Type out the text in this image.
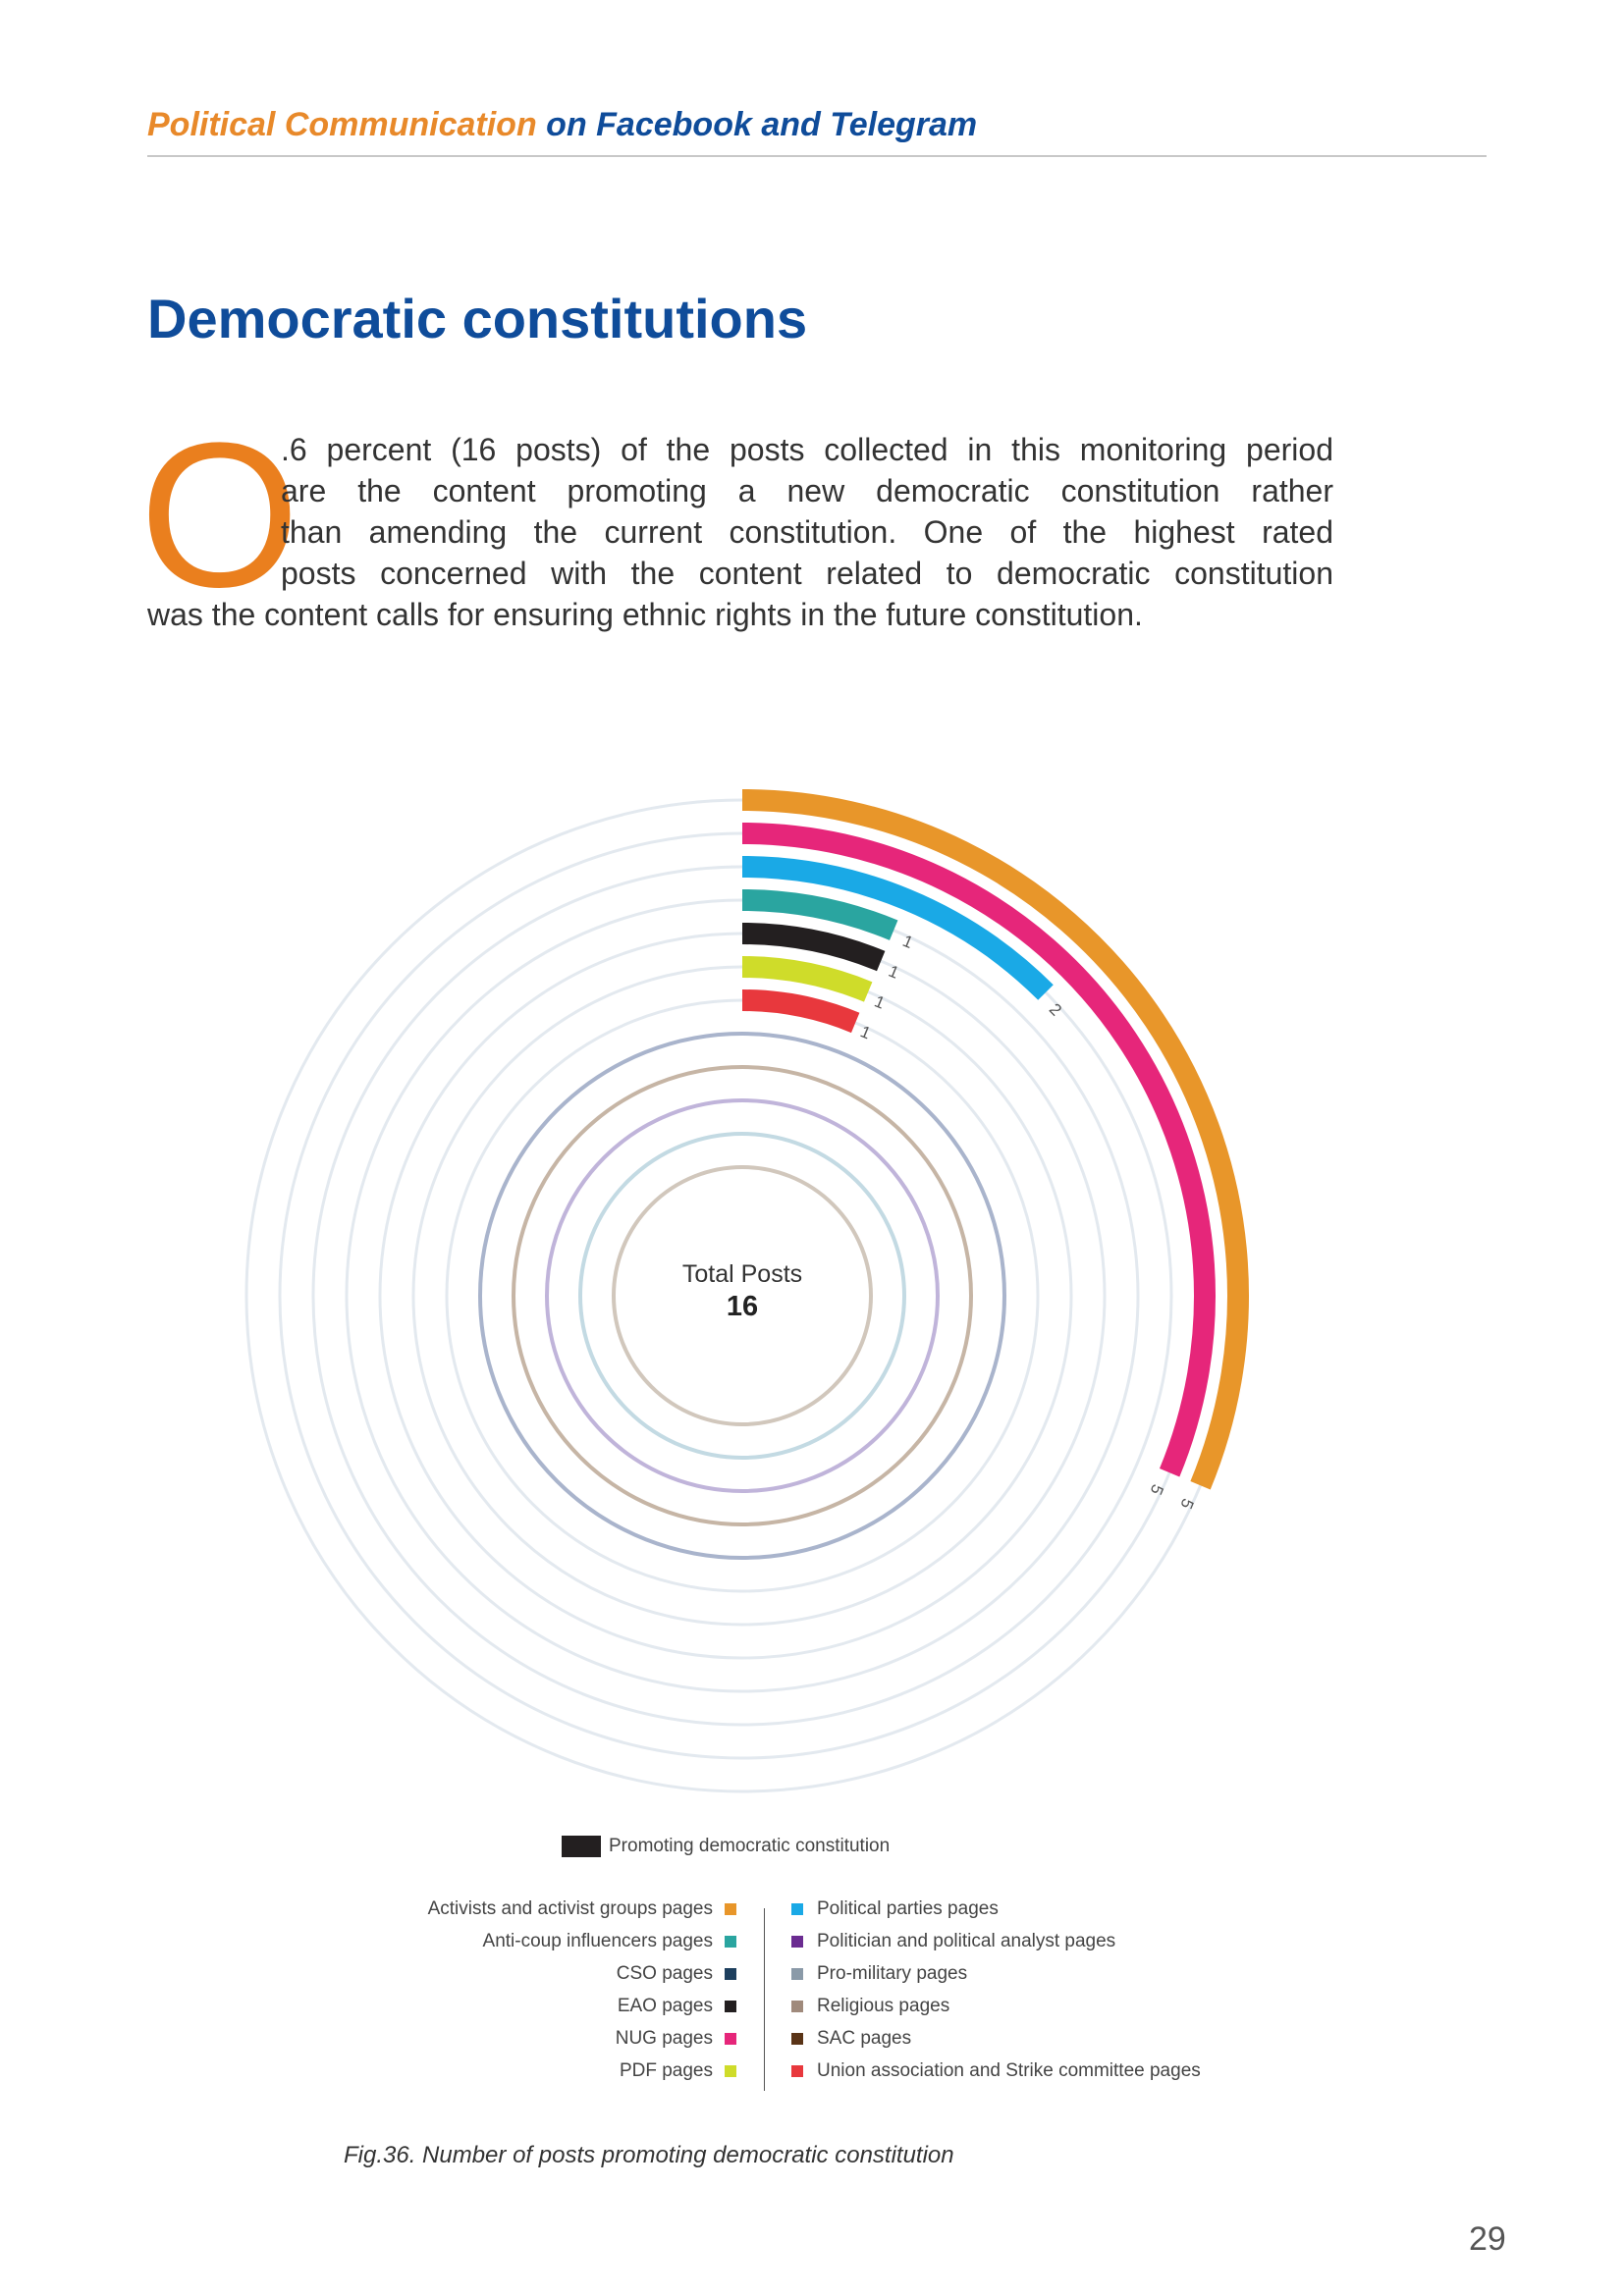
Political Communication on Facebook and Telegram
Democratic constitutions
O
.6 percent (16 posts) of the posts collected in this monitoring period
are the content promoting a new democratic constitution rather
than amending the current constitution. One of the highest rated
posts concerned with the content related to democratic constitution
was the content calls for ensuring ethnic rights in the future constitution.
5
5
2
1
1
1
1
Total Posts
16
Promoting democratic constitution
Activists and activist groups pages
Anti-coup influencers pages
CSO pages
EAO pages
NUG pages
PDF pages
Political parties pages
Politician and political analyst pages
Pro-military pages
Religious pages
SAC pages
Union association and Strike committee pages
Fig.36. Number of posts promoting democratic constitution
29
